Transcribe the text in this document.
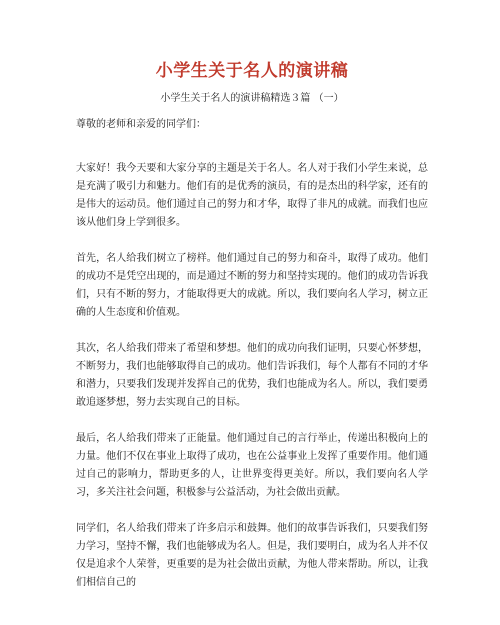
小学生关于名人的演讲稿
小学生关于名人的演讲稿精选３篇 （一）
尊敬的老师和亲爱的同学们：

大家好！我今天要和大家分享的主题是关于名人。名人对于我们小学生来说，总是充满了吸引力和魅力。他们有的是优秀的演员，有的是杰出的科学家，还有的是伟大的运动员。他们通过自己的努力和才华，取得了非凡的成就。而我们也应该从他们身上学到很多。

首先，名人给我们树立了榜样。他们通过自己的努力和奋斗，取得了成功。他们的成功不是凭空出现的，而是通过不断的努力和坚持实现的。他们的成功告诉我们，只有不断的努力，才能取得更大的成就。所以，我们要向名人学习，树立正确的人生态度和价值观。

其次，名人给我们带来了希望和梦想。他们的成功向我们证明，只要心怀梦想，不断努力，我们也能够取得自己的成功。他们告诉我们，每个人都有不同的才华和潜力，只要我们发现并发挥自己的优势，我们也能成为名人。所以，我们要勇敢追逐梦想，努力去实现自己的目标。

最后，名人给我们带来了正能量。他们通过自己的言行举止，传递出积极向上的力量。他们不仅在事业上取得了成功，也在公益事业上发挥了重要作用。他们通过自己的影响力，帮助更多的人，让世界变得更美好。所以，我们要向名人学习，多关注社会问题，积极参与公益活动，为社会做出贡献。

同学们，名人给我们带来了许多启示和鼓舞。他们的故事告诉我们，只要我们努力学习，坚持不懈，我们也能够成为名人。但是，我们要明白，成为名人并不仅仅是追求个人荣誉，更重要的是为社会做出贡献，为他人带来帮助。所以，让我们相信自己的
